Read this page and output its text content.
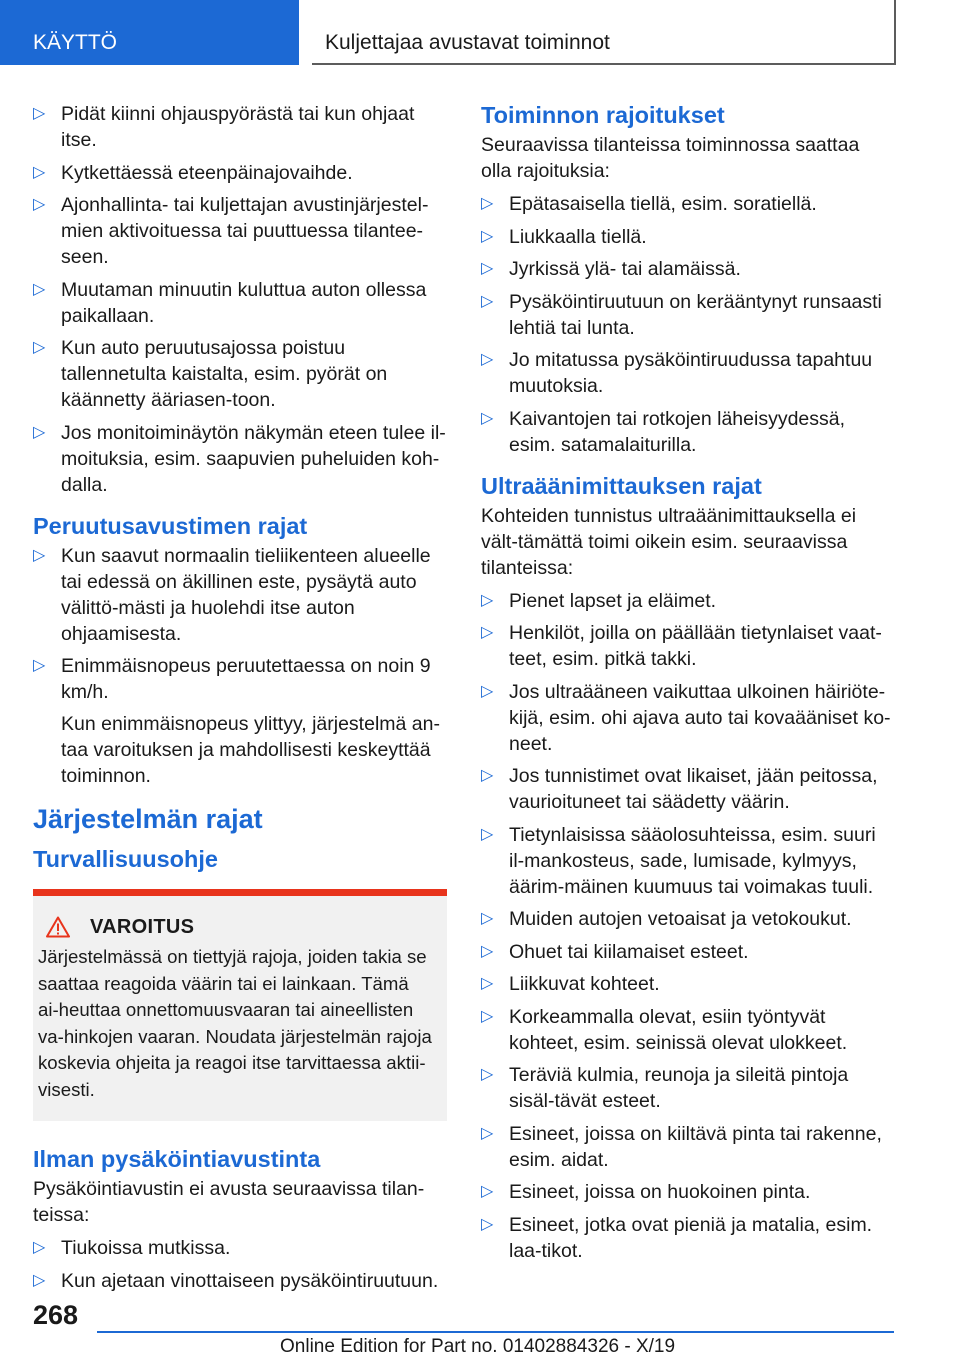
KÄYTTÖ	Kuljettajaa avustavat toiminnot
▷ Pidät kiinni ohjauspyörästä tai kun ohjaat itse.
▷ Kytkettäessä eteenpäinajovaihde.
▷ Ajonhallinta- tai kuljettajan avustinjärjestel-mien aktivoituessa tai puuttuessa tilantee-seen.
▷ Muutaman minuutin kuluttua auton ollessa paikallaan.
▷ Kun auto peruutusajossa poistuu tallennetulta kaistalta, esim. pyörät on käännetty ääriasen-toon.
▷ Jos monitoiminäytön näkymän eteen tulee il-moituksia, esim. saapuvien puheluiden koh-dalla.
Peruutusavustimen rajat
▷ Kun saavut normaalin tieliikenteen alueelle tai edessä on äkillinen este, pysäytä auto välittö-mästi ja huolehdi itse auton ohjaamisesta.
▷ Enimmäisnopeus peruutettaessa on noin 9 km/h.
Kun enimmäisnopeus ylittyy, järjestelmä an-taa varoituksen ja mahdollisesti keskeyttää toiminnon.
Järjestelmän rajat
Turvallisuusohje
VAROITUS
Järjestelmässä on tiettyjä rajoja, joiden takia se saattaa reagoida väärin tai ei lainkaan. Tämä ai-heuttaa onnettomuusvaaran tai aineellisten va-hinkojen vaaran. Noudata järjestelmän rajoja koskevia ohjeita ja reagoi itse tarvittaessa aktii-visesti.
Ilman pysäköintiavustinta
Pysäköintiavustin ei avusta seuraavissa tilan-teissa:
▷ Tiukoissa mutkissa.
▷ Kun ajetaan vinottaiseen pysäköintiruutuun.
Toiminnon rajoitukset
Seuraavissa tilanteissa toiminnossa saattaa olla rajoituksia:
▷ Epätasaisella tiellä, esim. soratiellä.
▷ Liukkaalla tiellä.
▷ Jyrkissä ylä- tai alamäissä.
▷ Pysäköintiruutuun on kerääntynyt runsaasti lehtiä tai lunta.
▷ Jo mitatussa pysäköintiruudussa tapahtuu muutoksia.
▷ Kaivantojen tai rotkojen läheisyydessä, esim. satamalaiturilla.
Ultraäänimittauksen rajat
Kohteiden tunnistus ultraäänimittauksella ei vält-tämättä toimi oikein esim. seuraavissa tilanteissa:
▷ Pienet lapset ja eläimet.
▷ Henkilöt, joilla on päällään tietynlaiset vaat-teet, esim. pitkä takki.
▷ Jos ultraääneen vaikuttaa ulkoinen häiriöte-kijä, esim. ohi ajava auto tai kovaääniset ko-neet.
▷ Jos tunnistimet ovat likaiset, jään peitossa, vaurioituneet tai säädetty väärin.
▷ Tietynlaisissa sääolosuhteissa, esim. suuri il-mankosteus, sade, lumisade, kylmyys, äärim-mäinen kuumuus tai voimakas tuuli.
▷ Muiden autojen vetoaisat ja vetokoukut.
▷ Ohuet tai kiilamaiset esteet.
▷ Liikkuvat kohteet.
▷ Korkeammalla olevat, esiin työntyvät kohteet, esim. seinissä olevat ulokkeet.
▷ Teräviä kulmia, reunoja ja sileitä pintoja sisäl-tävät esteet.
▷ Esineet, joissa on kiiltävä pinta tai rakenne, esim. aidat.
▷ Esineet, joissa on huokoinen pinta.
▷ Esineet, jotka ovat pieniä ja matalia, esim. laa-tikot.
268
Online Edition for Part no. 01402884326 - X/19
